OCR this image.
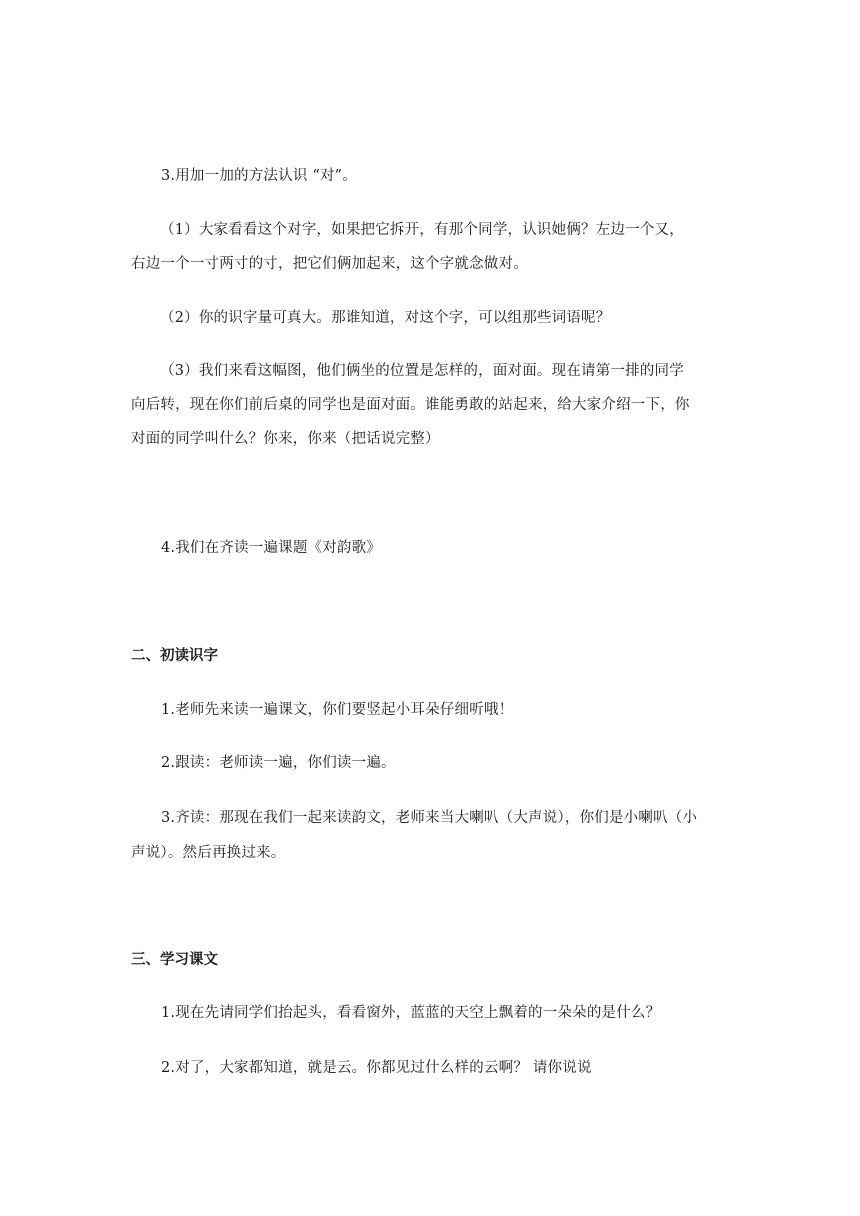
3.用加一加的方法认识 “对”。
（1）大家看看这个对字，如果把它拆开，有那个同学，认识她俩？左边一个又，
右边一个一寸两寸的寸，把它们俩加起来，这个字就念做对。
（2）你的识字量可真大。那谁知道，对这个字，可以组那些词语呢？
（3）我们来看这幅图，他们俩坐的位置是怎样的，面对面。现在请第一排的同学
向后转，现在你们前后桌的同学也是面对面。谁能勇敢的站起来，给大家介绍一下，你
对面的同学叫什么？你来，你来（把话说完整）
4.我们在齐读一遍课题《对韵歌》
二、初读识字
1.老师先来读一遍课文，你们要竖起小耳朵仔细听哦！
2.跟读：老师读一遍，你们读一遍。
3.齐读：那现在我们一起来读韵文，老师来当大喇叭（大声说），你们是小喇叭（小
声说）。然后再换过来。
三、学习课文
1.现在先请同学们抬起头，看看窗外，蓝蓝的天空上飘着的一朵朵的是什么？
2.对了，大家都知道，就是云。你都见过什么样的云啊？ 请你说说
